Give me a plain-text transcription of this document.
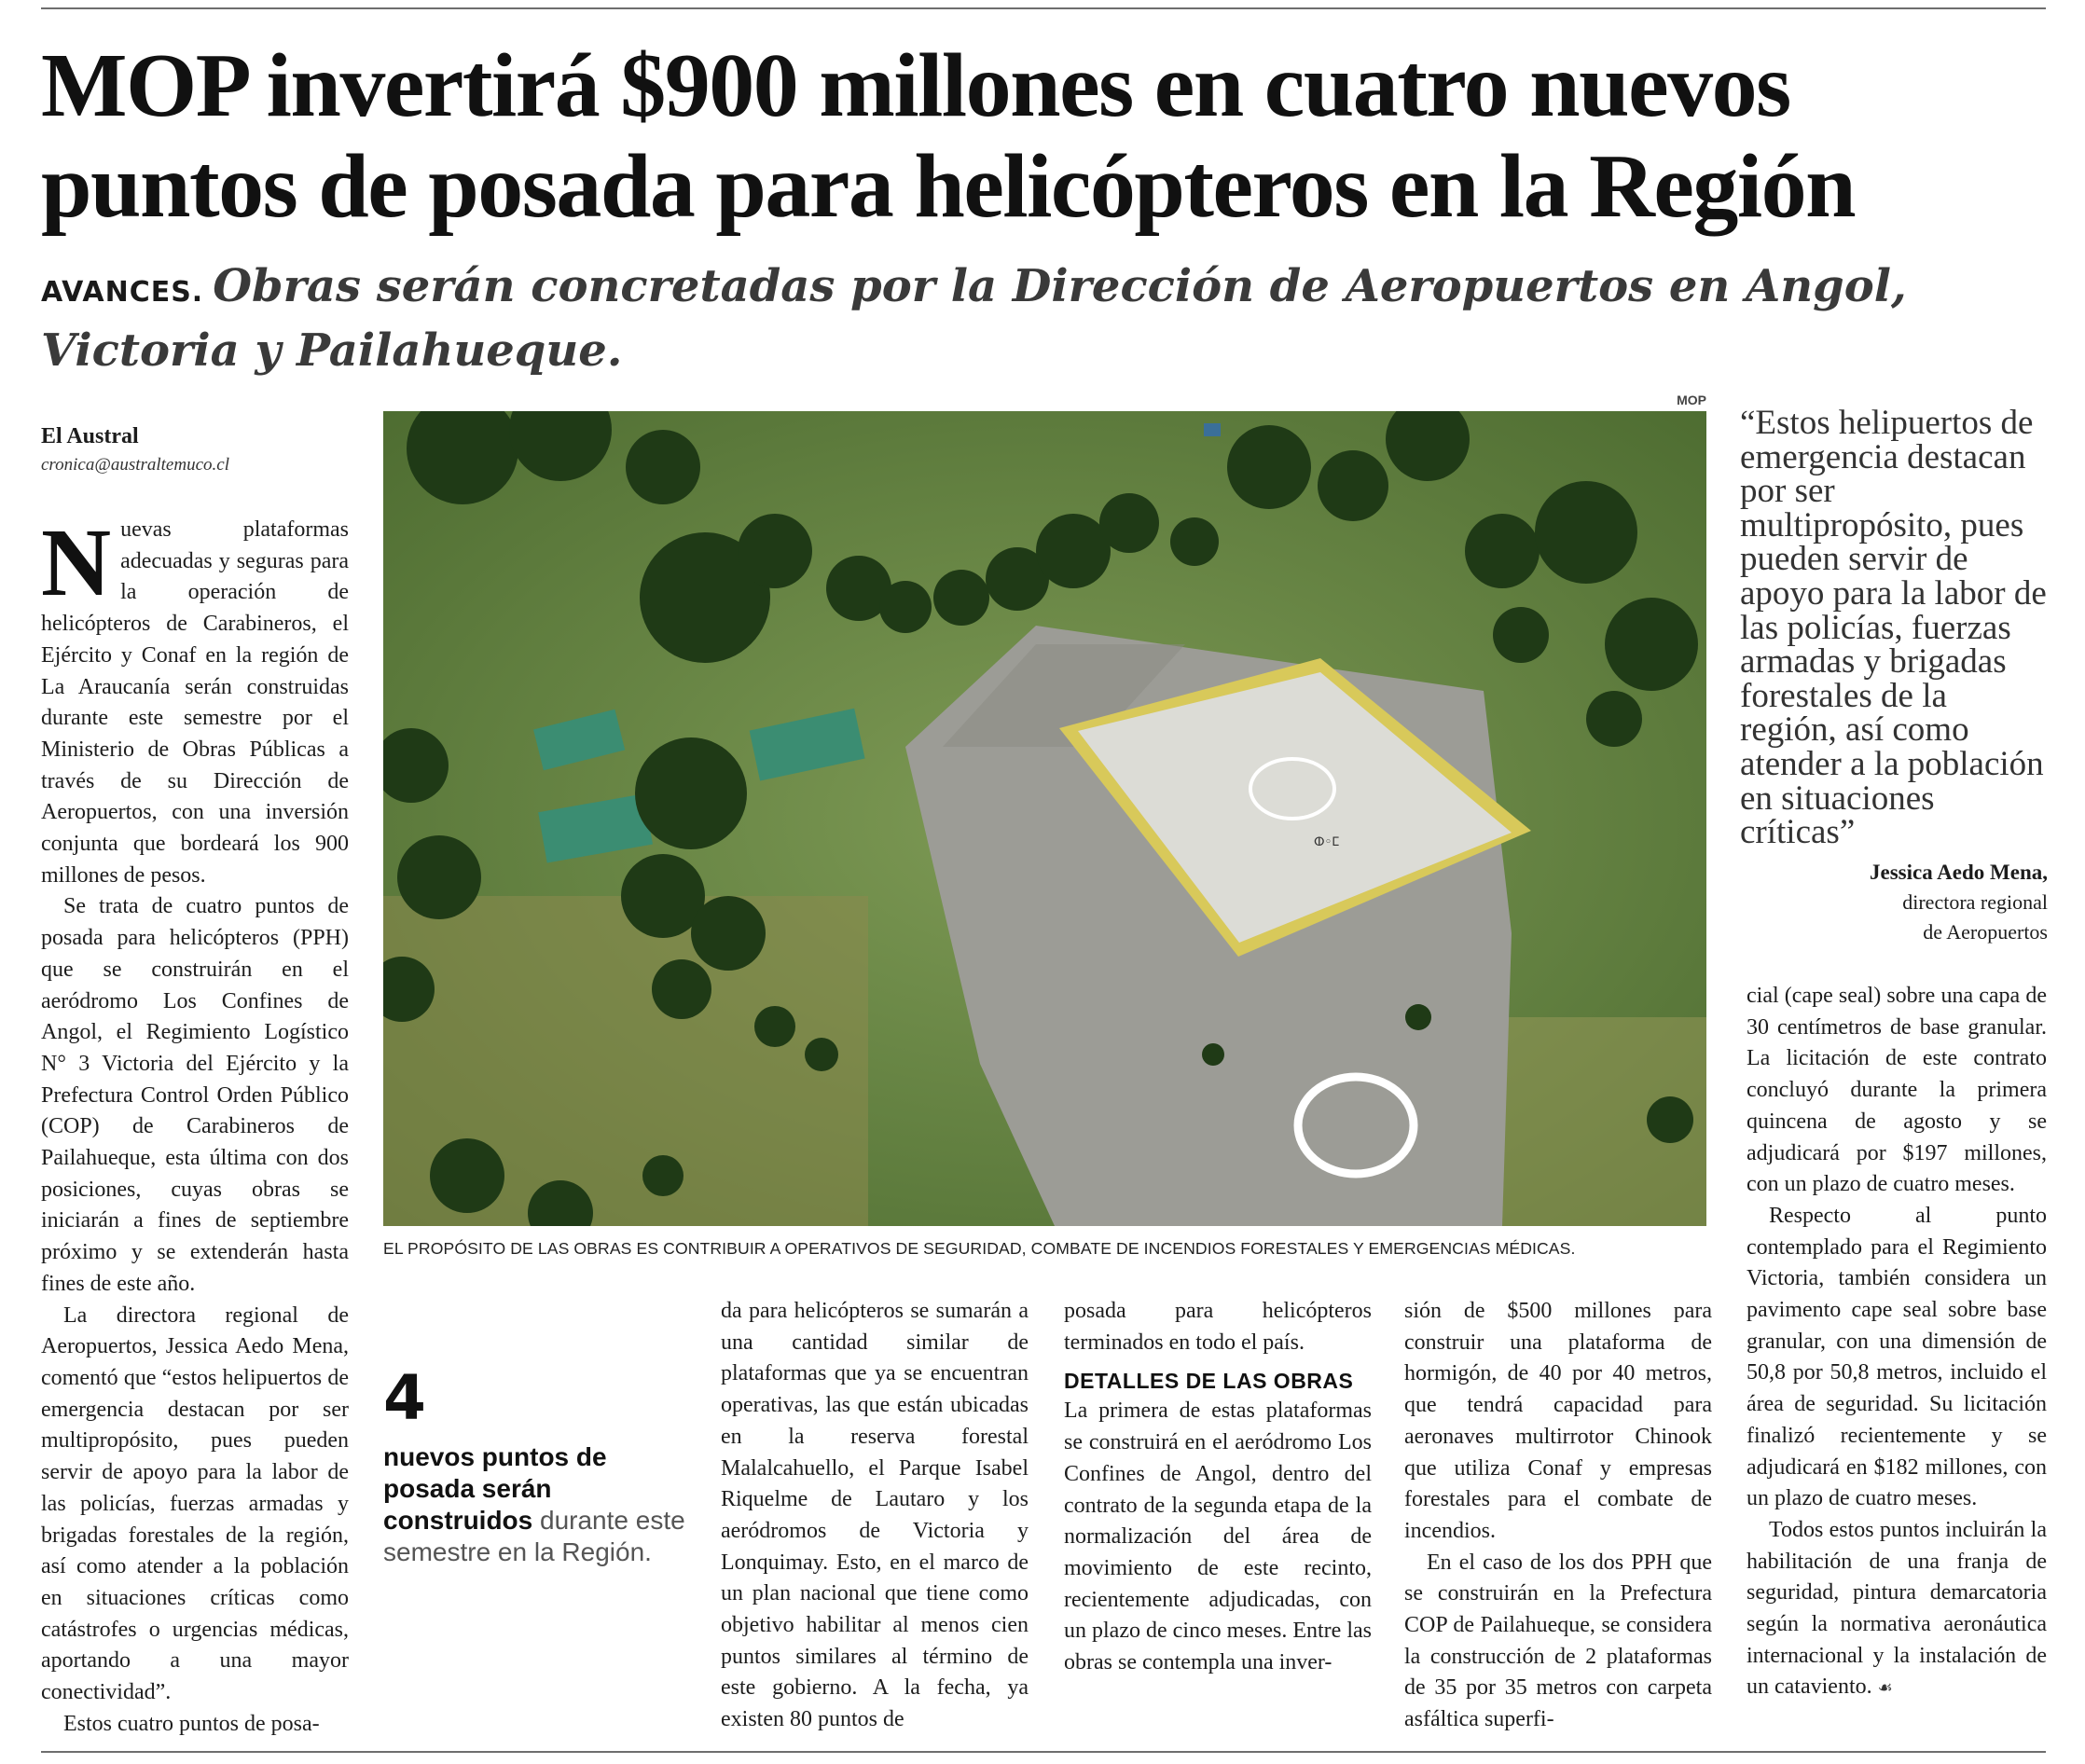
MOP invertirá $900 millones en cuatro nuevos puntos de posada para helicópteros en la Región
AVANCES. Obras serán concretadas por la Dirección de Aeropuertos en Angol, Victoria y Pailahueque.
El Austral
cronica@australtemuco.cl

Nuevas plataformas adecuadas y seguras para la operación de helicópteros de Carabineros, el Ejército y Conaf en la región de La Araucanía serán construidas durante este semestre por el Ministerio de Obras Públicas a través de su Dirección de Aeropuertos, con una inversión conjunta que bordeará los 900 millones de pesos.

Se trata de cuatro puntos de posada para helicópteros (PPH) que se construirán en el aeródromo Los Confines de Angol, el Regimiento Logístico N° 3 Victoria del Ejército y la Prefectura Control Orden Público (COP) de Carabineros de Pailahueque, esta última con dos posiciones, cuyas obras se iniciarán a fines de septiembre próximo y se extenderán hasta fines de este año.

La directora regional de Aeropuertos, Jessica Aedo Mena, comentó que “estos helipuertos de emergencia destacan por ser multipropósito, pues pueden servir de apoyo para la labor de las policías, fuerzas armadas y brigadas forestales de la región, así como atender a la población en situaciones críticas como catástrofes o urgencias médicas, aportando a una mayor conectividad”.

Estos cuatro puntos de posa-

MOP
ⵀ◦ⵎ
EL PROPÓSITO DE LAS OBRAS ES CONTRIBUIR A OPERATIVOS DE SEGURIDAD, COMBATE DE INCENDIOS FORESTALES Y EMERGENCIAS MÉDICAS.
“Estos helipuertos de emergencia destacan por ser multipropósito, pues pueden servir de apoyo para la labor de las policías, fuerzas armadas y brigadas forestales de la región, así como atender a la población en situaciones críticas”
Jessica Aedo Mena,
directora regional
de Aeropuertos
4
nuevos puntos de posada serán construidos durante este semestre en la Región.

da para helicópteros se sumarán a una cantidad similar de plataformas que ya se encuentran operativas, las que están ubicadas en la reserva forestal Malalcahuello, el Parque Isabel Riquelme de Lautaro y los aeródromos de Victoria y Lonquimay. Esto, en el marco de un plan nacional que tiene como objetivo habilitar al menos cien puntos similares al término de este gobierno. A la fecha, ya existen 80 puntos de

posada para helicópteros terminados en todo el país.

DETALLES DE LAS OBRAS

La primera de estas plataformas se construirá en el aeródromo Los Confines de Angol, dentro del contrato de la segunda etapa de la normalización del área de movimiento de este recinto, recientemente adjudicadas, con un plazo de cinco meses. Entre las obras se contempla una inver-

sión de $500 millones para construir una plataforma de hormigón, de 40 por 40 metros, que tendrá capacidad para aeronaves multirrotor Chinook que utiliza Conaf y empresas forestales para el combate de incendios.

En el caso de los dos PPH que se construirán en la Prefectura COP de Pailahueque, se considera la construcción de 2 plataformas de 35 por 35 metros con carpeta asfáltica superfi-

cial (cape seal) sobre una capa de 30 centímetros de base granular. La licitación de este contrato concluyó durante la primera quincena de agosto y se adjudicará por $197 millones, con un plazo de cuatro meses.

Respecto al punto contemplado para el Regimiento Victoria, también considera un pavimento cape seal sobre base granular, con una dimensión de 50,8 por 50,8 metros, incluido el área de seguridad. Su licitación finalizó recientemente y se adjudicará en $182 millones, con un plazo de cuatro meses.

Todos estos puntos incluirán la habilitación de una franja de seguridad, pintura demarcatoria según la normativa aeronáutica internacional y la instalación de un cataviento. ☙
